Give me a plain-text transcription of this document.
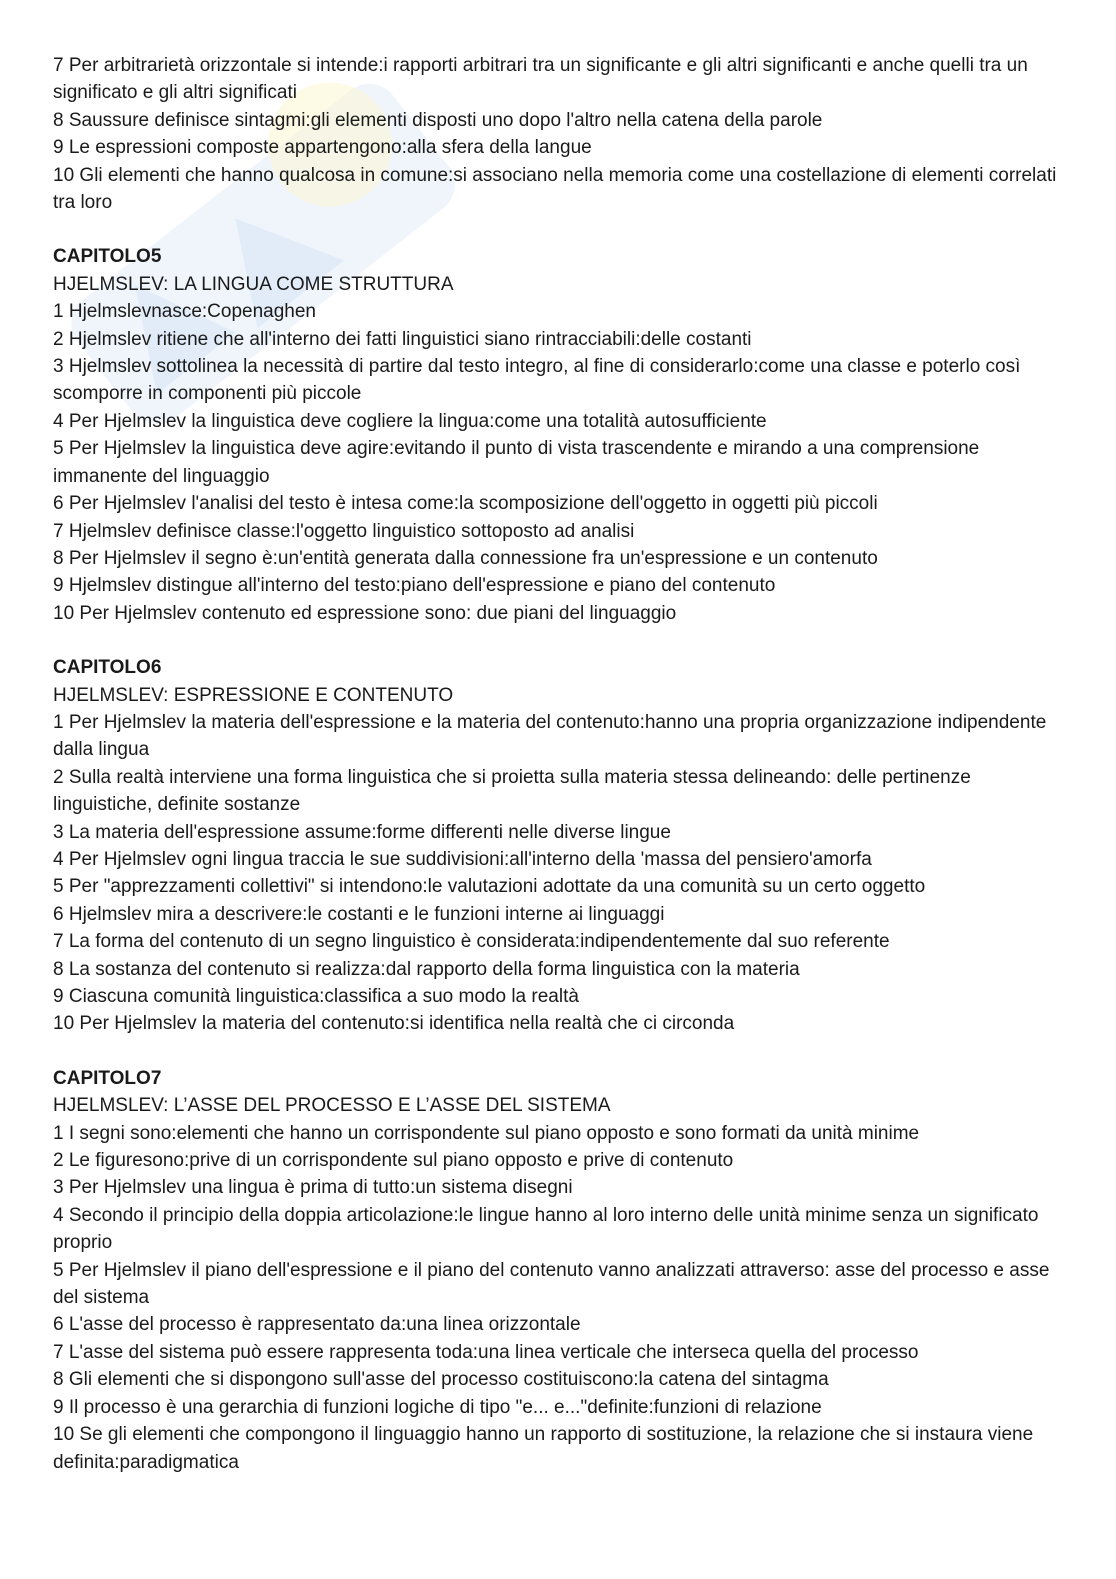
7 Per arbitrarietà orizzontale si intende:i rapporti arbitrari tra un significante e gli altri significanti e anche quelli tra un significato e gli altri significati

8 Saussure definisce sintagmi:gli elementi disposti uno dopo l'altro nella catena della parole

9 Le espressioni composte appartengono:alla sfera della langue

10 Gli elementi che hanno qualcosa in comune:si associano nella memoria come una costellazione di elementi correlati tra loro

CAPITOLO5

HJELMSLEV: LA LINGUA COME STRUTTURA

1 Hjelmslevnasce:Copenaghen

2 Hjelmslev ritiene che all'interno dei fatti linguistici siano rintracciabili:delle costanti

3 Hjelmslev sottolinea la necessità di partire dal testo integro, al fine di considerarlo:come una classe e poterlo così scomporre in componenti più piccole

4 Per Hjelmslev la linguistica deve cogliere la lingua:come una totalità autosufficiente

5 Per Hjelmslev la linguistica deve agire:evitando il punto di vista trascendente e mirando a una comprensione immanente del linguaggio

6 Per Hjelmslev l'analisi del testo è intesa come:la scomposizione dell'oggetto in oggetti più piccoli

7 Hjelmslev definisce classe:l'oggetto linguistico sottoposto ad analisi

8 Per Hjelmslev il segno è:un'entità generata dalla connessione fra un'espressione e un contenuto

9 Hjelmslev distingue all'interno del testo:piano dell'espressione e piano del contenuto

10 Per Hjelmslev contenuto ed espressione sono: due piani del linguaggio

CAPITOLO6

HJELMSLEV: ESPRESSIONE E CONTENUTO

1 Per Hjelmslev la materia dell'espressione e la materia del contenuto:hanno una propria organizzazione indipendente dalla lingua

2 Sulla realtà interviene una forma linguistica che si proietta sulla materia stessa delineando: delle pertinenze linguistiche, definite sostanze

3 La materia dell'espressione assume:forme differenti nelle diverse lingue

4 Per Hjelmslev ogni lingua traccia le sue suddivisioni:all'interno della 'massa del pensiero'amorfa

5 Per "apprezzamenti collettivi" si intendono:le valutazioni adottate da una comunità su un certo oggetto

6 Hjelmslev mira a descrivere:le costanti e le funzioni interne ai linguaggi

7 La forma del contenuto di un segno linguistico è considerata:indipendentemente dal suo referente

8 La sostanza del contenuto si realizza:dal rapporto della forma linguistica con la materia

9 Ciascuna comunità linguistica:classifica a suo modo la realtà

10 Per Hjelmslev la materia del contenuto:si identifica nella realtà che ci circonda

CAPITOLO7

HJELMSLEV: L’ASSE DEL PROCESSO E L’ASSE DEL SISTEMA

1 I segni sono:elementi che hanno un corrispondente sul piano opposto e sono formati da unità minime

2 Le figuresono:prive di un corrispondente sul piano opposto e prive di contenuto

3 Per Hjelmslev una lingua è prima di tutto:un sistema disegni

4 Secondo il principio della doppia articolazione:le lingue hanno al loro interno delle unità minime senza un significato proprio

5 Per Hjelmslev il piano dell'espressione e il piano del contenuto vanno analizzati attraverso: asse del processo e asse del sistema

6 L'asse del processo è rappresentato da:una linea orizzontale

7 L'asse del sistema può essere rappresenta toda:una linea verticale che interseca quella del processo

8 Gli elementi che si dispongono sull'asse del processo costituiscono:la catena del sintagma

9 Il processo è una gerarchia di funzioni logiche di tipo "e... e..."definite:funzioni di relazione

10 Se gli elementi che compongono il linguaggio hanno un rapporto di sostituzione, la relazione che si instaura viene definita:paradigmatica
